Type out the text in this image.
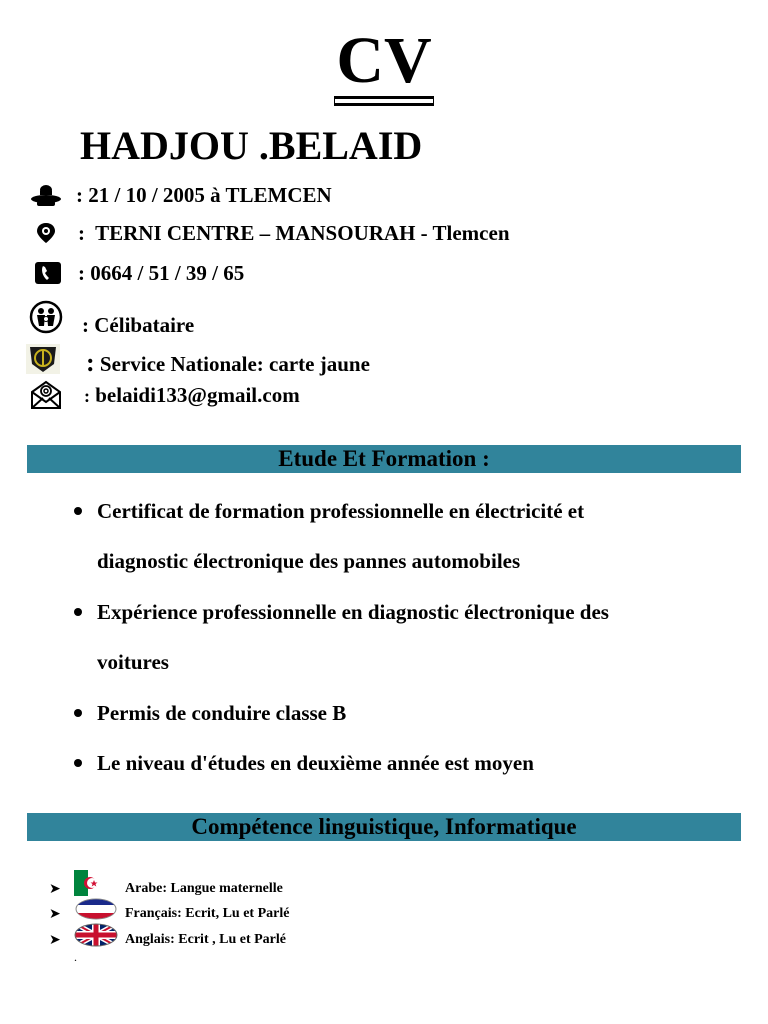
CV
HADJOU .BELAID
: 21 / 10 / 2005 à TLEMCEN
: TERNI CENTRE – MANSOURAH - Tlemcen
: 0664 / 51 / 39 / 65
: Célibataire
: Service Nationale: carte jaune
: belaidi133@gmail.com
Etude Et Formation :
Certificat de formation professionnelle en électricité et
diagnostic électronique des pannes automobiles
Expérience professionnelle en diagnostic électronique des
voitures
Permis de conduire classe B
Le niveau d'études en deuxième année est moyen
Compétence linguistique, Informatique
➤	Arabe: Langue maternelle
➤	Français: Ecrit, Lu et Parlé
➤	Anglais: Ecrit , Lu et Parlé
.
